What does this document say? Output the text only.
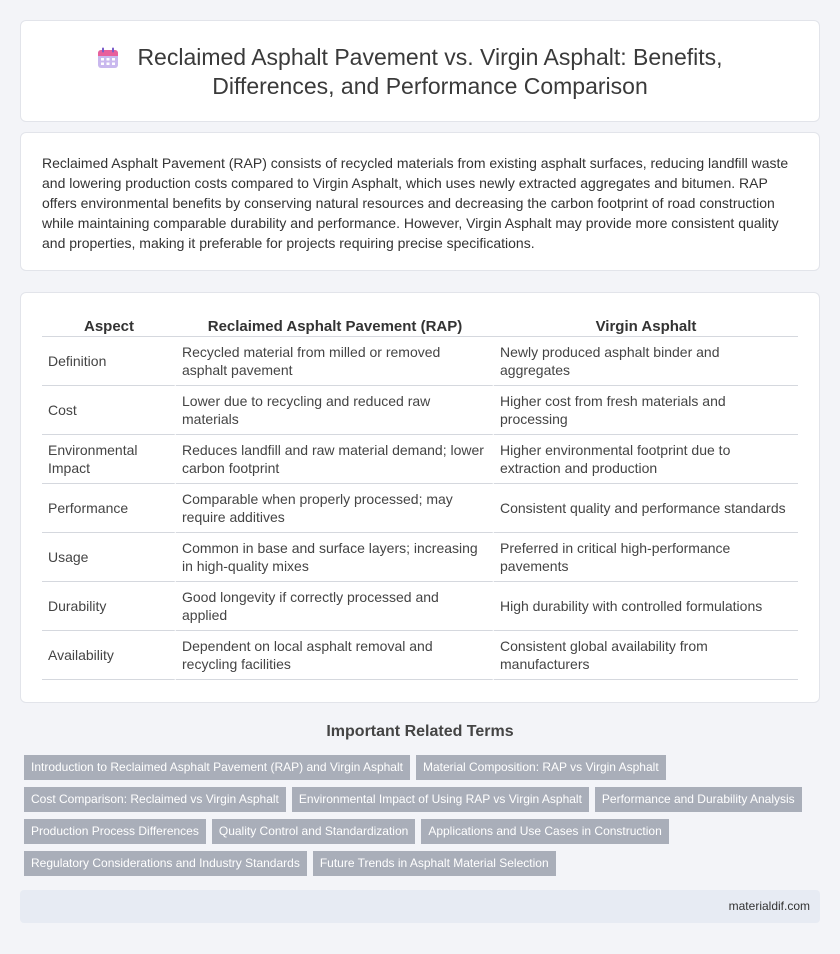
Reclaimed Asphalt Pavement vs. Virgin Asphalt: Benefits,
Differences, and Performance Comparison

Reclaimed Asphalt Pavement (RAP) consists of recycled materials from existing asphalt surfaces, reducing landfill waste and lowering production costs compared to Virgin Asphalt, which uses newly extracted aggregates and bitumen. RAP offers environmental benefits by conserving natural resources and decreasing the carbon footprint of road construction while maintaining comparable durability and performance. However, Virgin Asphalt may provide more consistent quality and properties, making it preferable for projects requiring precise specifications.

Aspect	Reclaimed Asphalt Pavement (RAP)	Virgin Asphalt
Definition	Recycled material from milled or removed asphalt pavement	Newly produced asphalt binder and aggregates
Cost	Lower due to recycling and reduced raw materials	Higher cost from fresh materials and processing
Environmental Impact	Reduces landfill and raw material demand; lower carbon footprint	Higher environmental footprint due to extraction and production
Performance	Comparable when properly processed; may require additives	Consistent quality and performance standards
Usage	Common in base and surface layers; increasing in high-quality mixes	Preferred in critical high-performance pavements
Durability	Good longevity if correctly processed and applied	High durability with controlled formulations
Availability	Dependent on local asphalt removal and recycling facilities	Consistent global availability from manufacturers
Important Related Terms
Introduction to Reclaimed Asphalt Pavement (RAP) and Virgin Asphalt	Material Composition: RAP vs Virgin Asphalt
Cost Comparison: Reclaimed vs Virgin Asphalt	Environmental Impact of Using RAP vs Virgin Asphalt	Performance and Durability Analysis
Production Process Differences	Quality Control and Standardization	Applications and Use Cases in Construction
Regulatory Considerations and Industry Standards	Future Trends in Asphalt Material Selection
materialdif.com
